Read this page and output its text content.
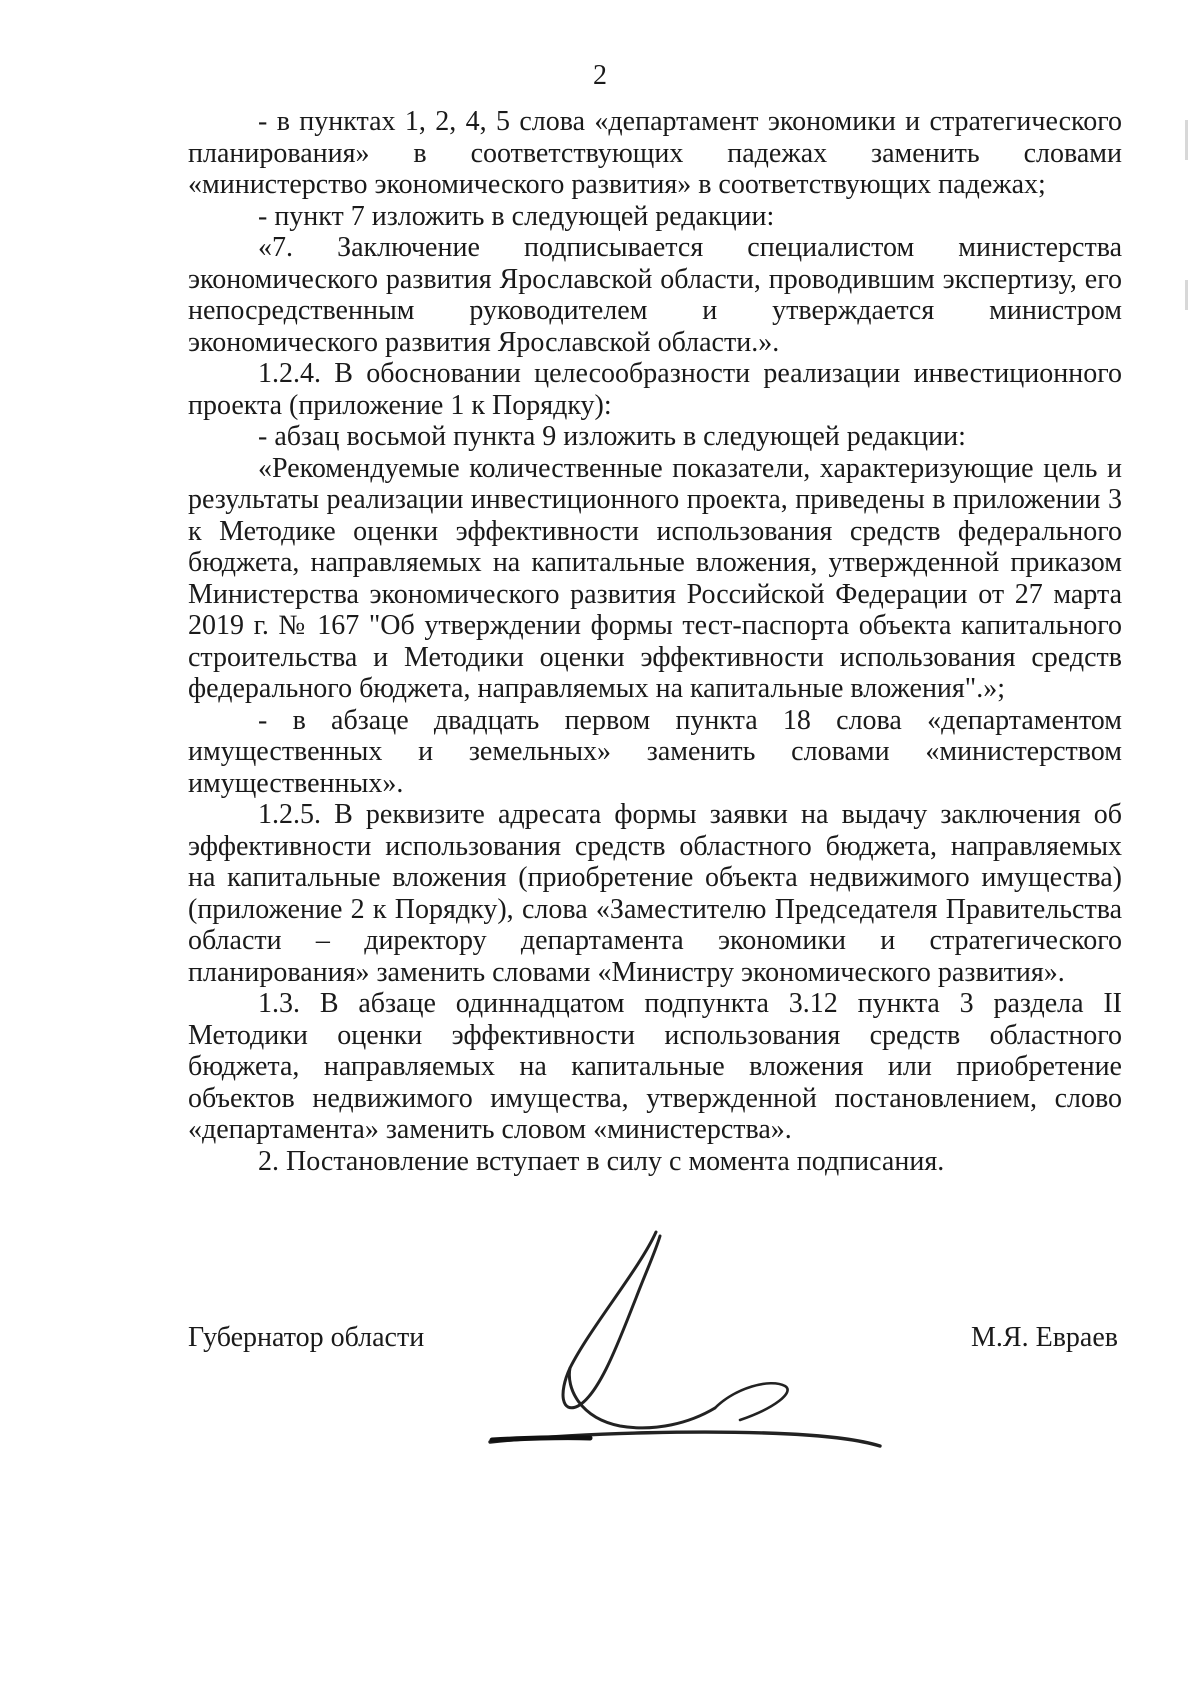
2

- в пунктах 1, 2, 4, 5 слова «департамент экономики и стратегического планирования» в соответствующих падежах заменить словами «министерство экономического развития» в соответствующих падежах;

- пункт 7 изложить в следующей редакции:

«7. Заключение подписывается специалистом министерства экономического развития Ярославской области, проводившим экспертизу, его непосредственным руководителем и утверждается министром экономического развития Ярославской области.».

1.2.4. В обосновании целесообразности реализации инвестиционного проекта (приложение 1 к Порядку):

- абзац восьмой пункта 9 изложить в следующей редакции:

«Рекомендуемые количественные показатели, характеризующие цель и результаты реализации инвестиционного проекта, приведены в приложении 3 к Методике оценки эффективности использования средств федерального бюджета, направляемых на капитальные вложения, утвержденной приказом Министерства экономического развития Российской Федерации от 27 марта 2019 г. № 167 "Об утверждении формы тест-паспорта объекта капитального строительства и Методики оценки эффективности использования средств федерального бюджета, направляемых на капитальные вложения".»;

- в абзаце двадцать первом пункта 18 слова «департаментом имущественных и земельных» заменить словами «министерством имущественных».

1.2.5. В реквизите адресата формы заявки на выдачу заключения об эффективности использования средств областного бюджета, направляемых на капитальные вложения (приобретение объекта недвижимого имущества) (приложение 2 к Порядку), слова «Заместителю Председателя Правительства области – директору департамента экономики и стратегического планирования» заменить словами «Министру экономического развития».

1.3. В абзаце одиннадцатом подпункта 3.12 пункта 3 раздела II Методики оценки эффективности использования средств областного бюджета, направляемых на капитальные вложения или приобретение объектов недвижимого имущества, утвержденной постановлением, слово «департамента» заменить словом «министерства».

2. Постановление вступает в силу с момента подписания.

Губернатор области	М.Я. Евраев
